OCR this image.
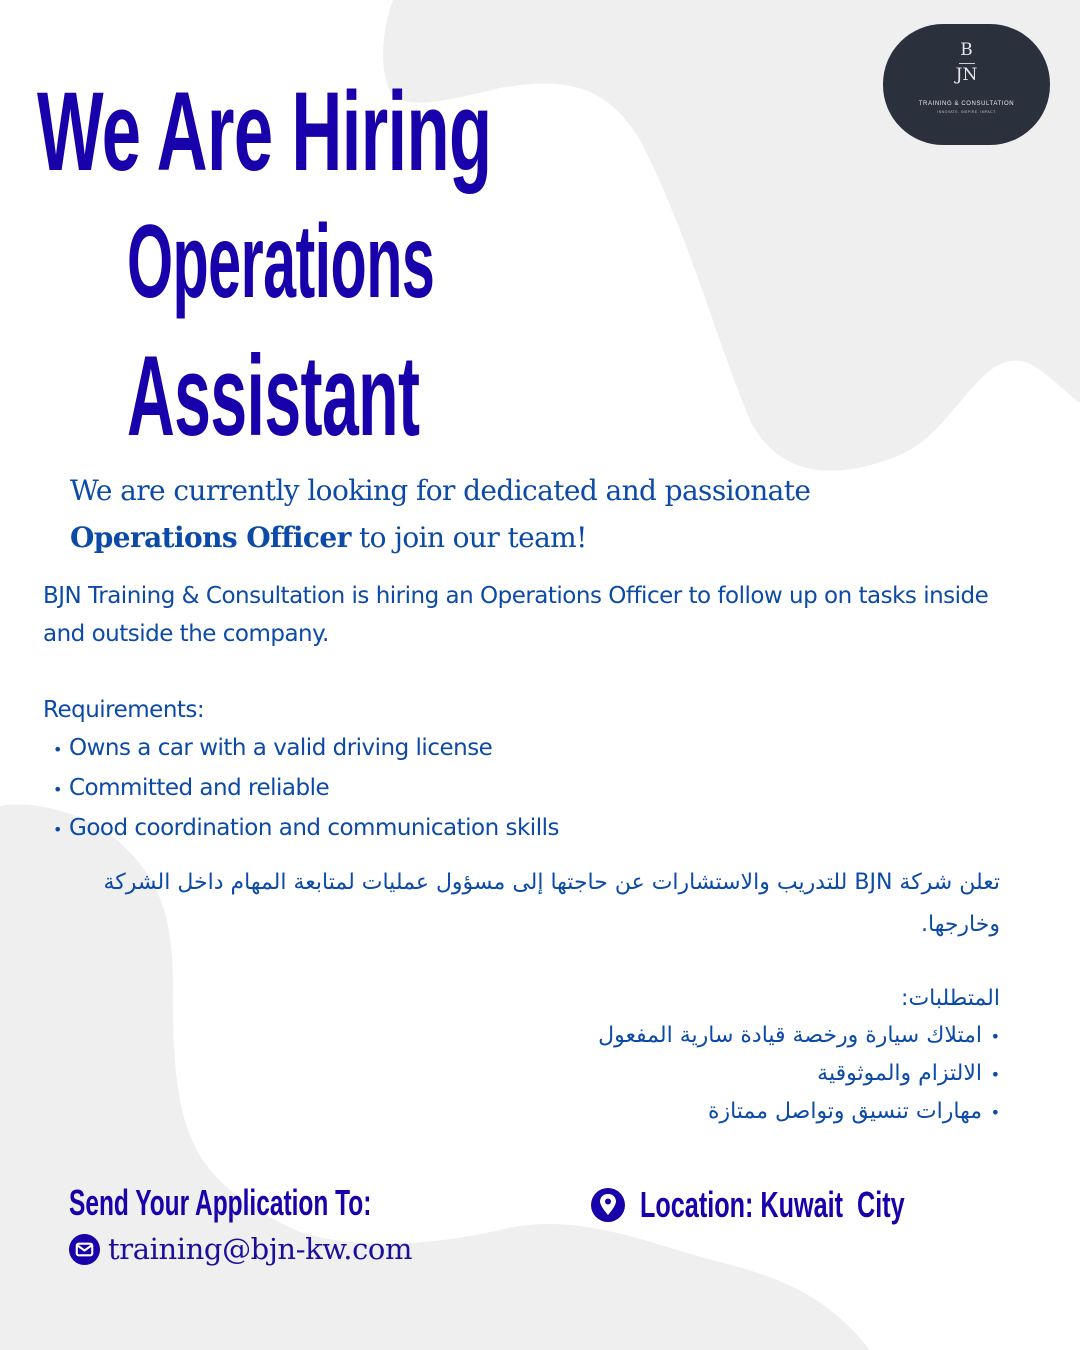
B
JN
TRAINING & CONSULTATION
INNOVATE. INSPIRE. IMPACT
We Are Hiring
Operations
Assistant
We are currently looking for dedicated and passionate
Operations Officer to join our team!
BJN Training & Consultation is hiring an Operations Officer to follow up on tasks inside and outside the company.
Requirements:
• Owns a car with a valid driving license
• Committed and reliable
• Good coordination and communication skills
تعلن شركة BJN للتدريب والاستشارات عن حاجتها إلى مسؤول عمليات لمتابعة المهام داخل الشركة وخارجها.
المتطلبات:
•امتلاك سيارة ورخصة قيادة سارية المفعول
•الالتزام والموثوقية
•مهارات تنسيق وتواصل ممتازة
Send Your Application To:
training@bjn-kw.com
Location: Kuwait  City
